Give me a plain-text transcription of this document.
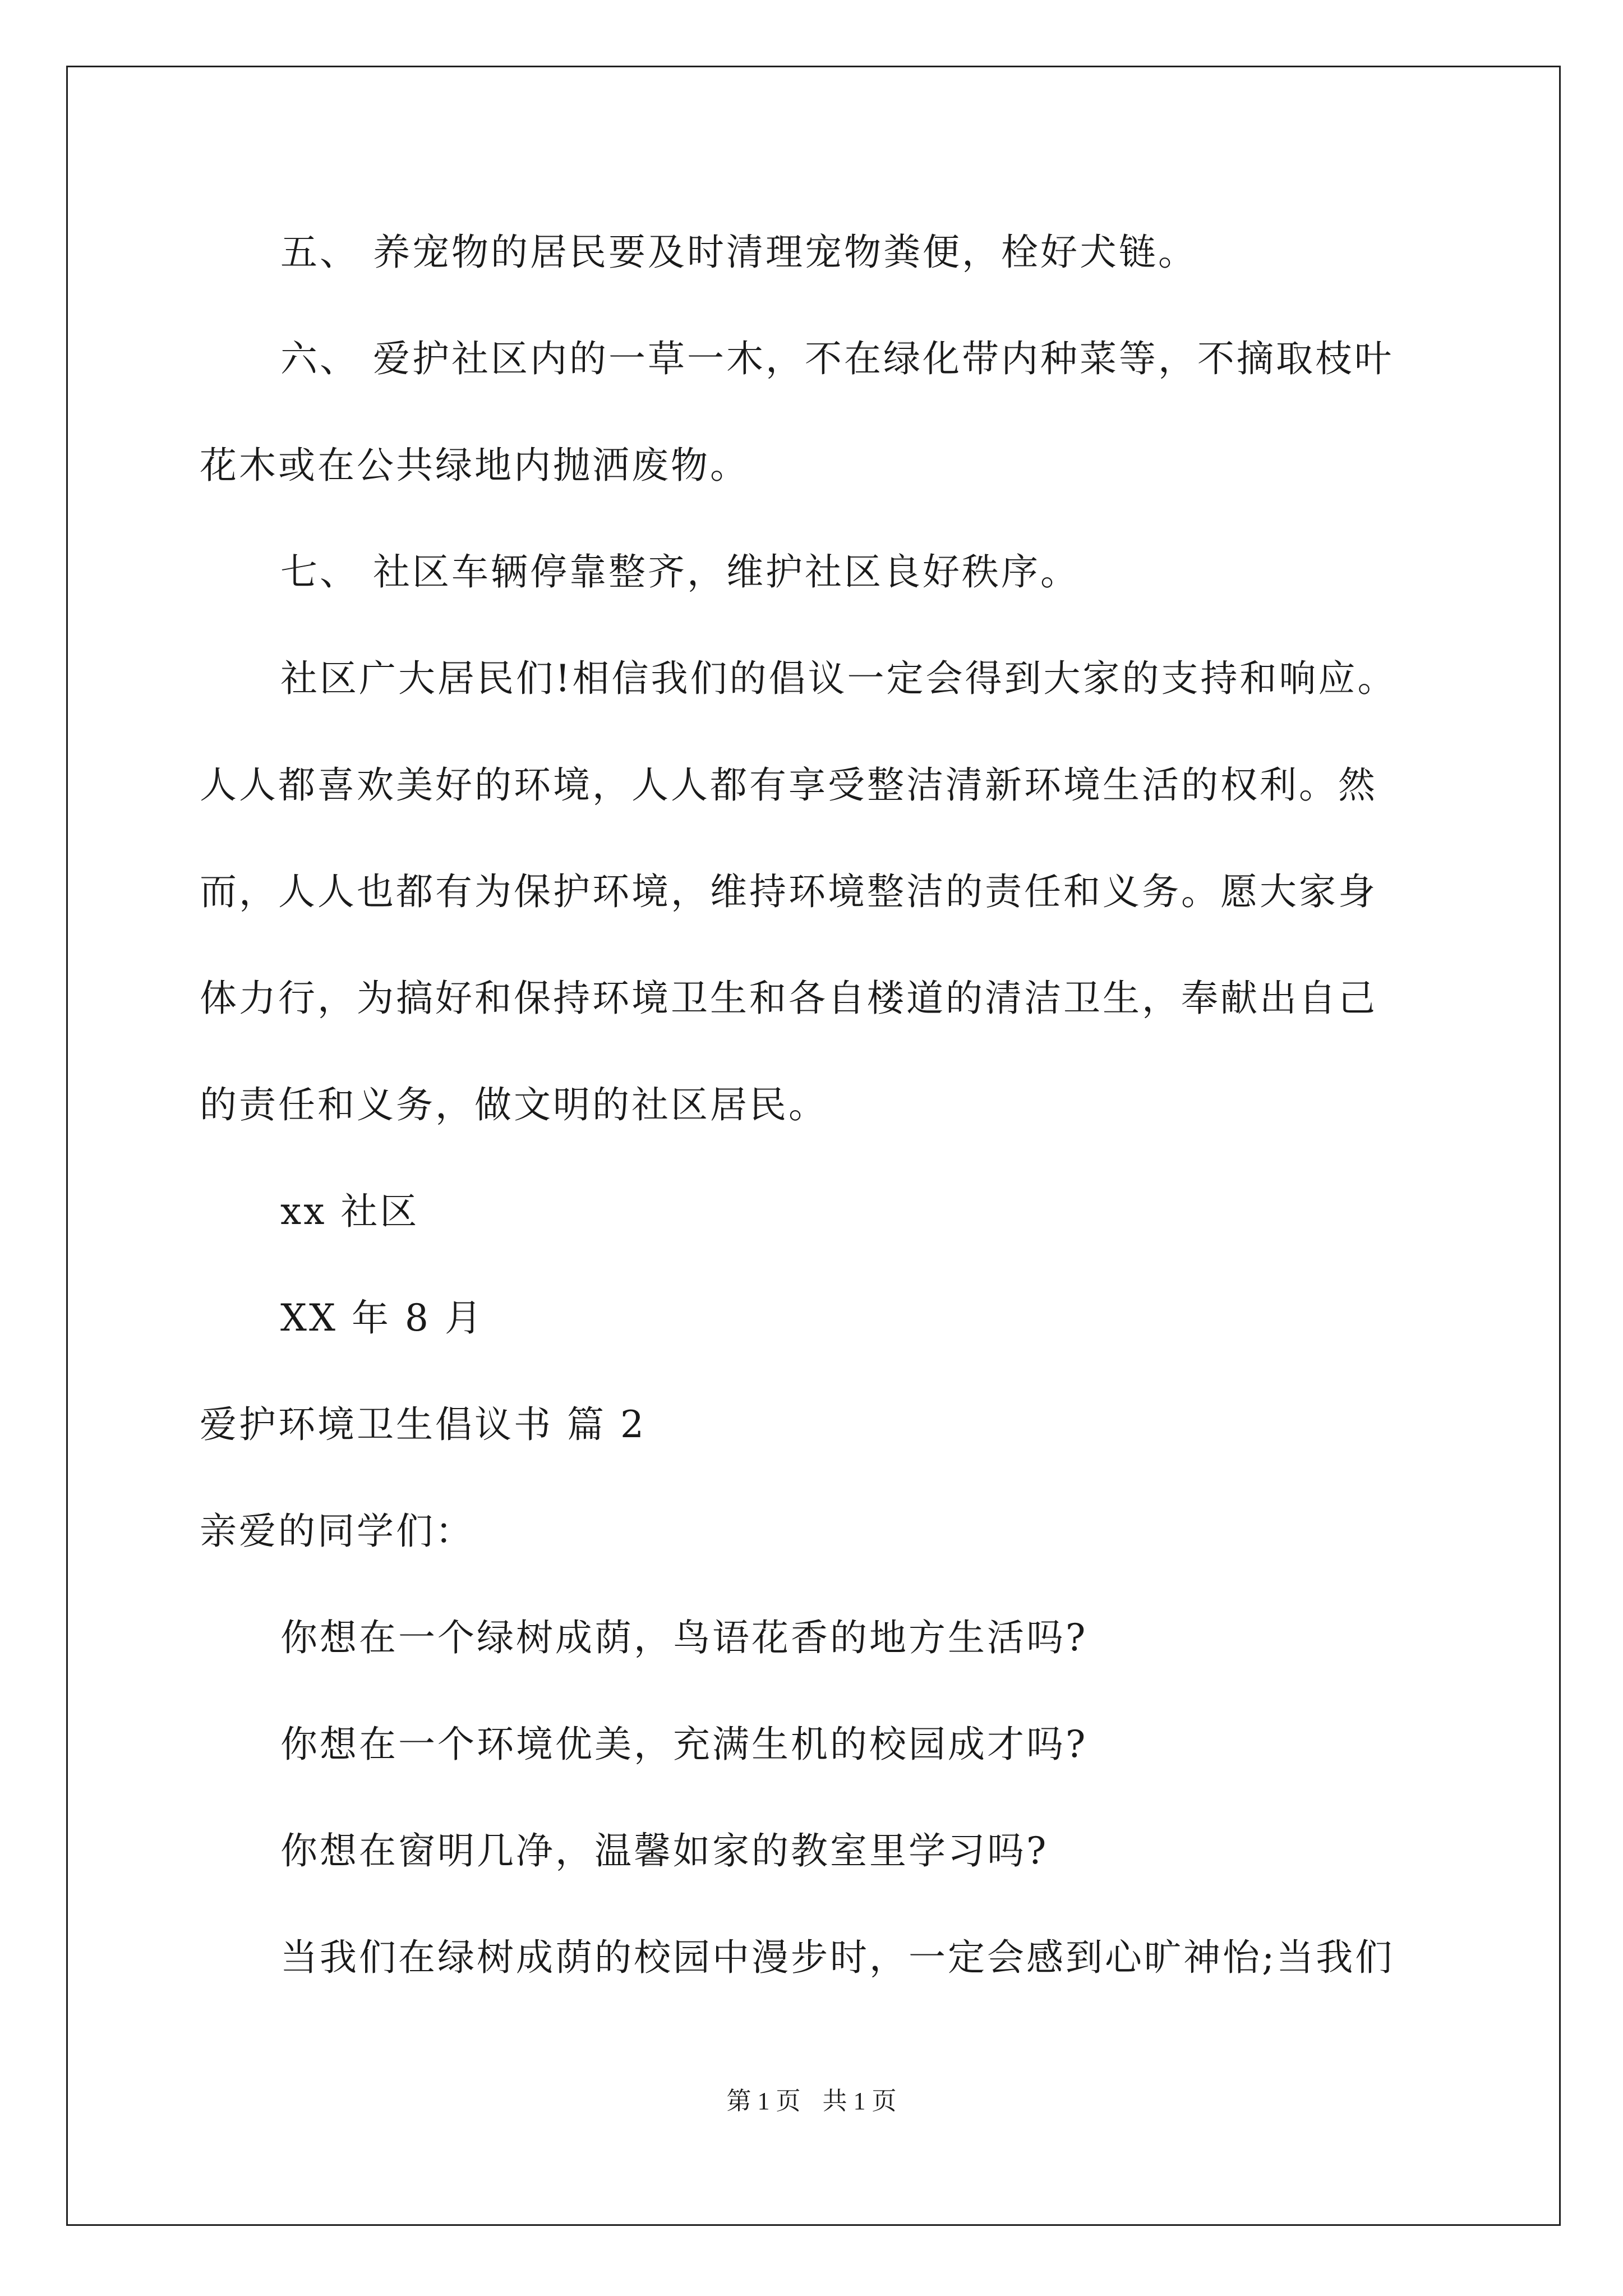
五、 养宠物的居民要及时清理宠物粪便，栓好犬链。
六、 爱护社区内的一草一木，不在绿化带内种菜等，不摘取枝叶
花木或在公共绿地内抛洒废物。
七、 社区车辆停靠整齐，维护社区良好秩序。
社区广大居民们!相信我们的倡议一定会得到大家的支持和响应。
人人都喜欢美好的环境，人人都有享受整洁清新环境生活的权利。然
而，人人也都有为保护环境，维持环境整洁的责任和义务。愿大家身
体力行，为搞好和保持环境卫生和各自楼道的清洁卫生，奉献出自己
的责任和义务，做文明的社区居民。
xx 社区
XX 年 8 月
爱护环境卫生倡议书 篇 2
亲爱的同学们：
你想在一个绿树成荫，鸟语花香的地方生活吗?
你想在一个环境优美，充满生机的校园成才吗?
你想在窗明几净，温馨如家的教室里学习吗?
当我们在绿树成荫的校园中漫步时，一定会感到心旷神怡;当我们
第 1 页 共 1 页
